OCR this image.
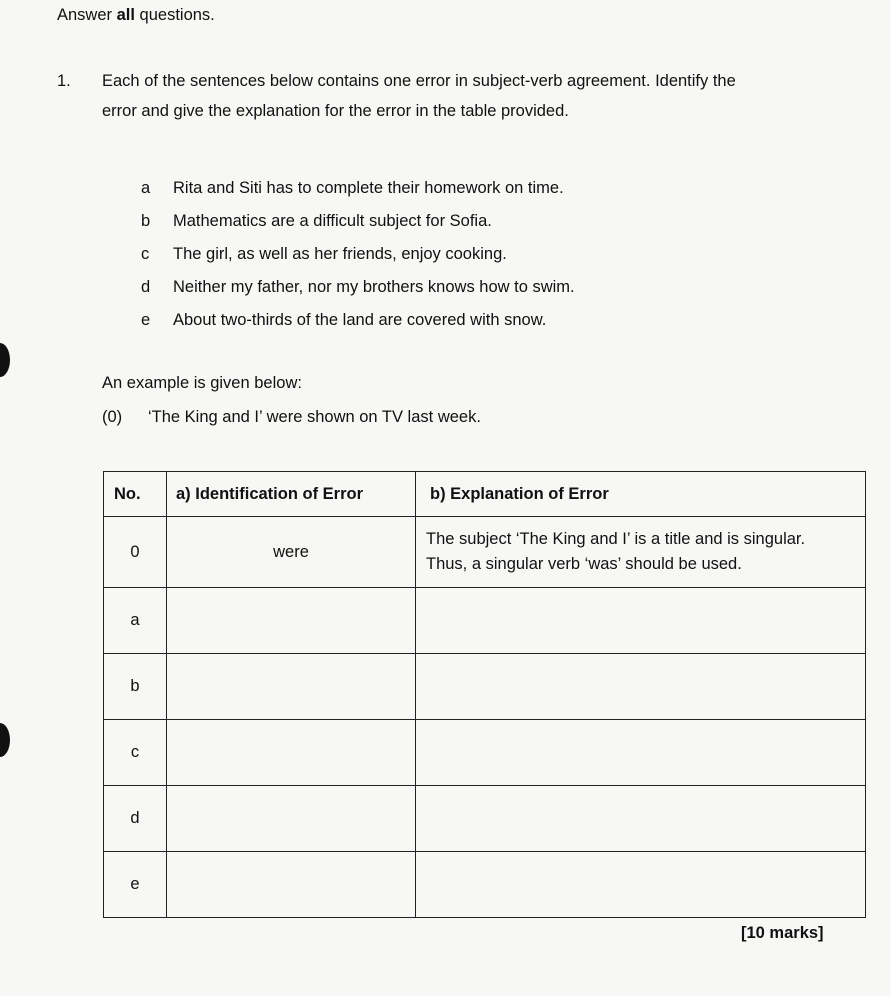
Answer all questions.
1. Each of the sentences below contains one error in subject-verb agreement. Identify the
error and give the explanation for the error in the table provided.
a Rita and Siti has to complete their homework on time.
b Mathematics are a difficult subject for Sofia.
c The girl, as well as her friends, enjoy cooking.
d Neither my father, nor my brothers knows how to swim.
e About two-thirds of the land are covered with snow.
An example is given below:
(0) ‘The King and I’ were shown on TV last week.
No.	a) Identification of Error	b) Explanation of Error
0	were	The subject ‘The King and I’ is a title and is singular.
Thus, a singular verb ‘was’ should be used.

a		
b		
c		
d		
e		
[10 marks]
